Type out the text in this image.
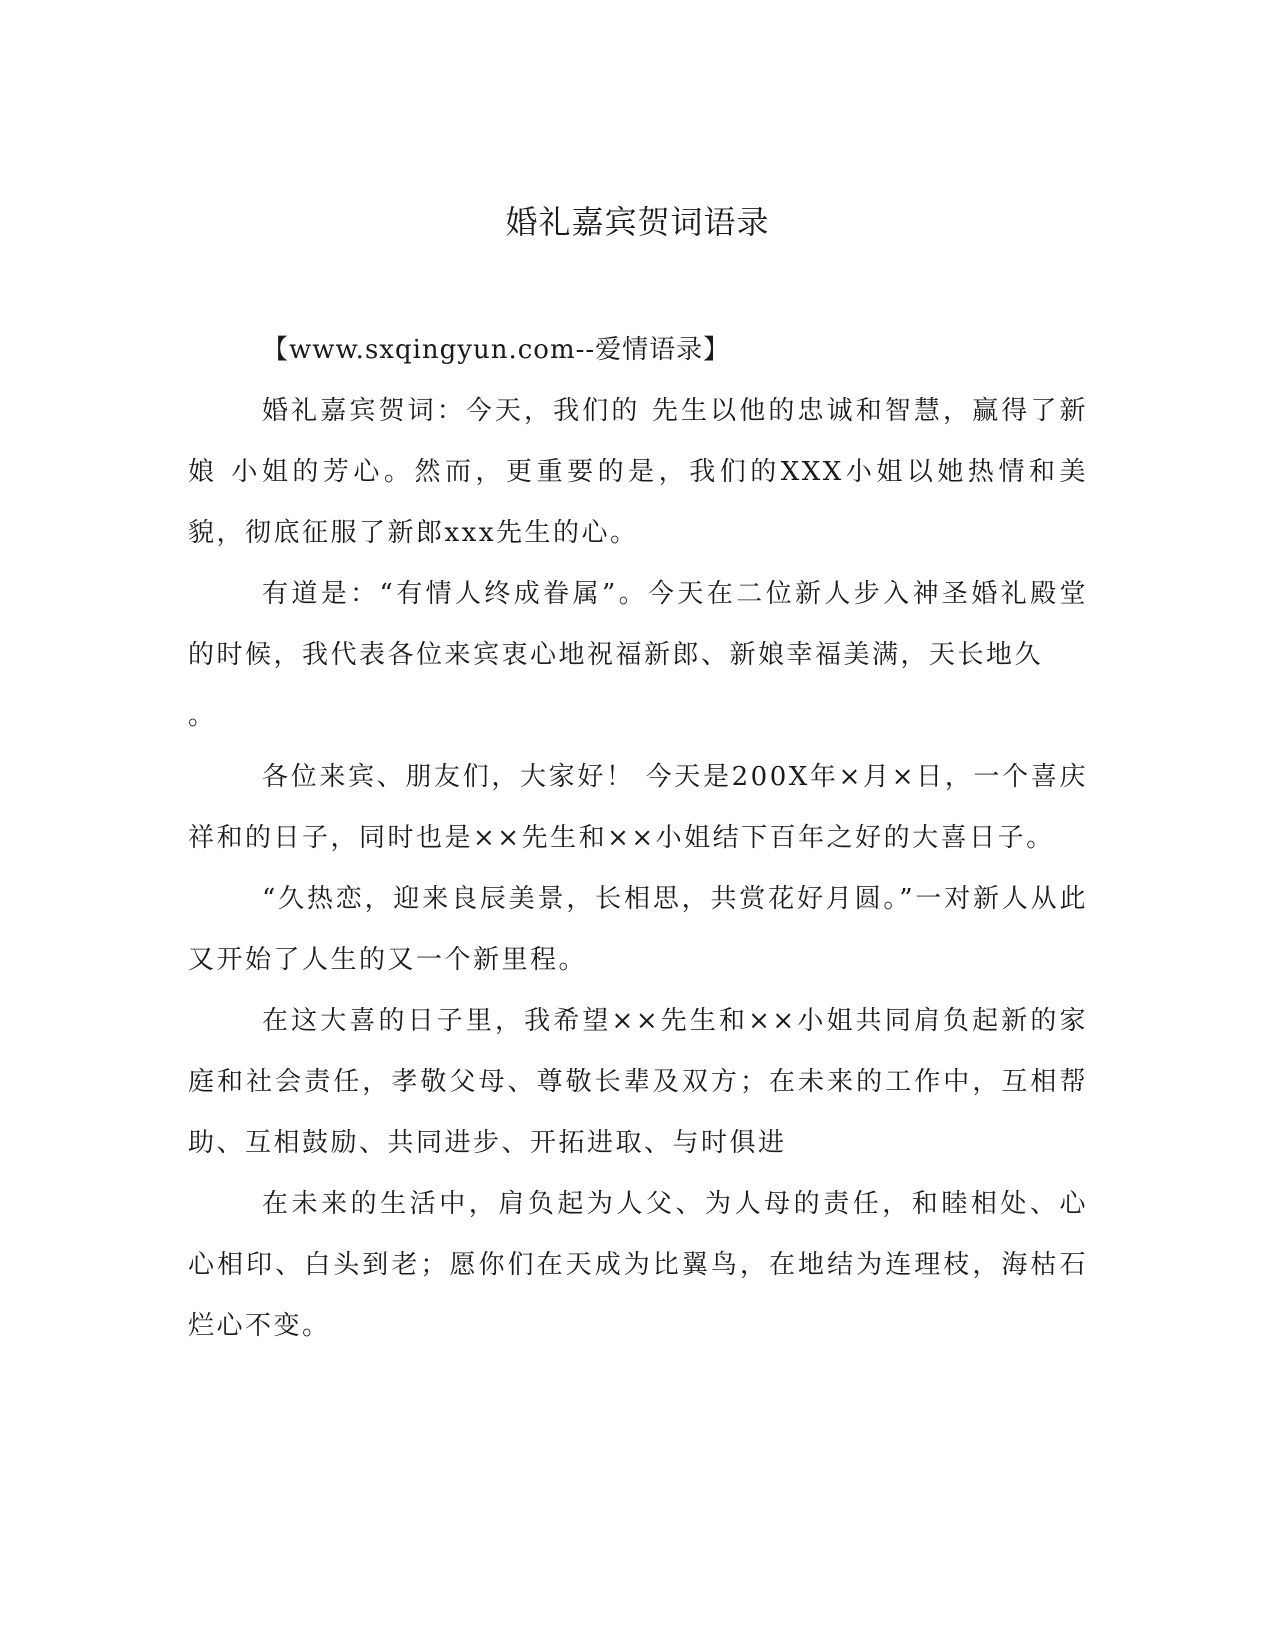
婚礼嘉宾贺词语录

【www.sxqingyun.com--爱情语录】

婚礼嘉宾贺词：今天，我们的 先生以他的忠诚和智慧，赢得了新娘 小姐的芳心。然而，更重要的是，我们的XXX小姐以她热情和美貌，彻底征服了新郎xxx先生的心。

有道是：“有情人终成眷属”。今天在二位新人步入神圣婚礼殿堂的时候，我代表各位来宾衷心地祝福新郎、新娘幸福美满，天长地久

。

各位来宾、朋友们，大家好！ 今天是200X年×月×日，一个喜庆祥和的日子，同时也是××先生和××小姐结下百年之好的大喜日子。

“久热恋，迎来良辰美景，长相思，共赏花好月圆。”一对新人从此又开始了人生的又一个新里程。

在这大喜的日子里，我希望××先生和××小姐共同肩负起新的家庭和社会责任，孝敬父母、尊敬长辈及双方；在未来的工作中，互相帮助、互相鼓励、共同进步、开拓进取、与时俱进

在未来的生活中，肩负起为人父、为人母的责任，和睦相处、心心相印、白头到老；愿你们在天成为比翼鸟，在地结为连理枝，海枯石烂心不变。
